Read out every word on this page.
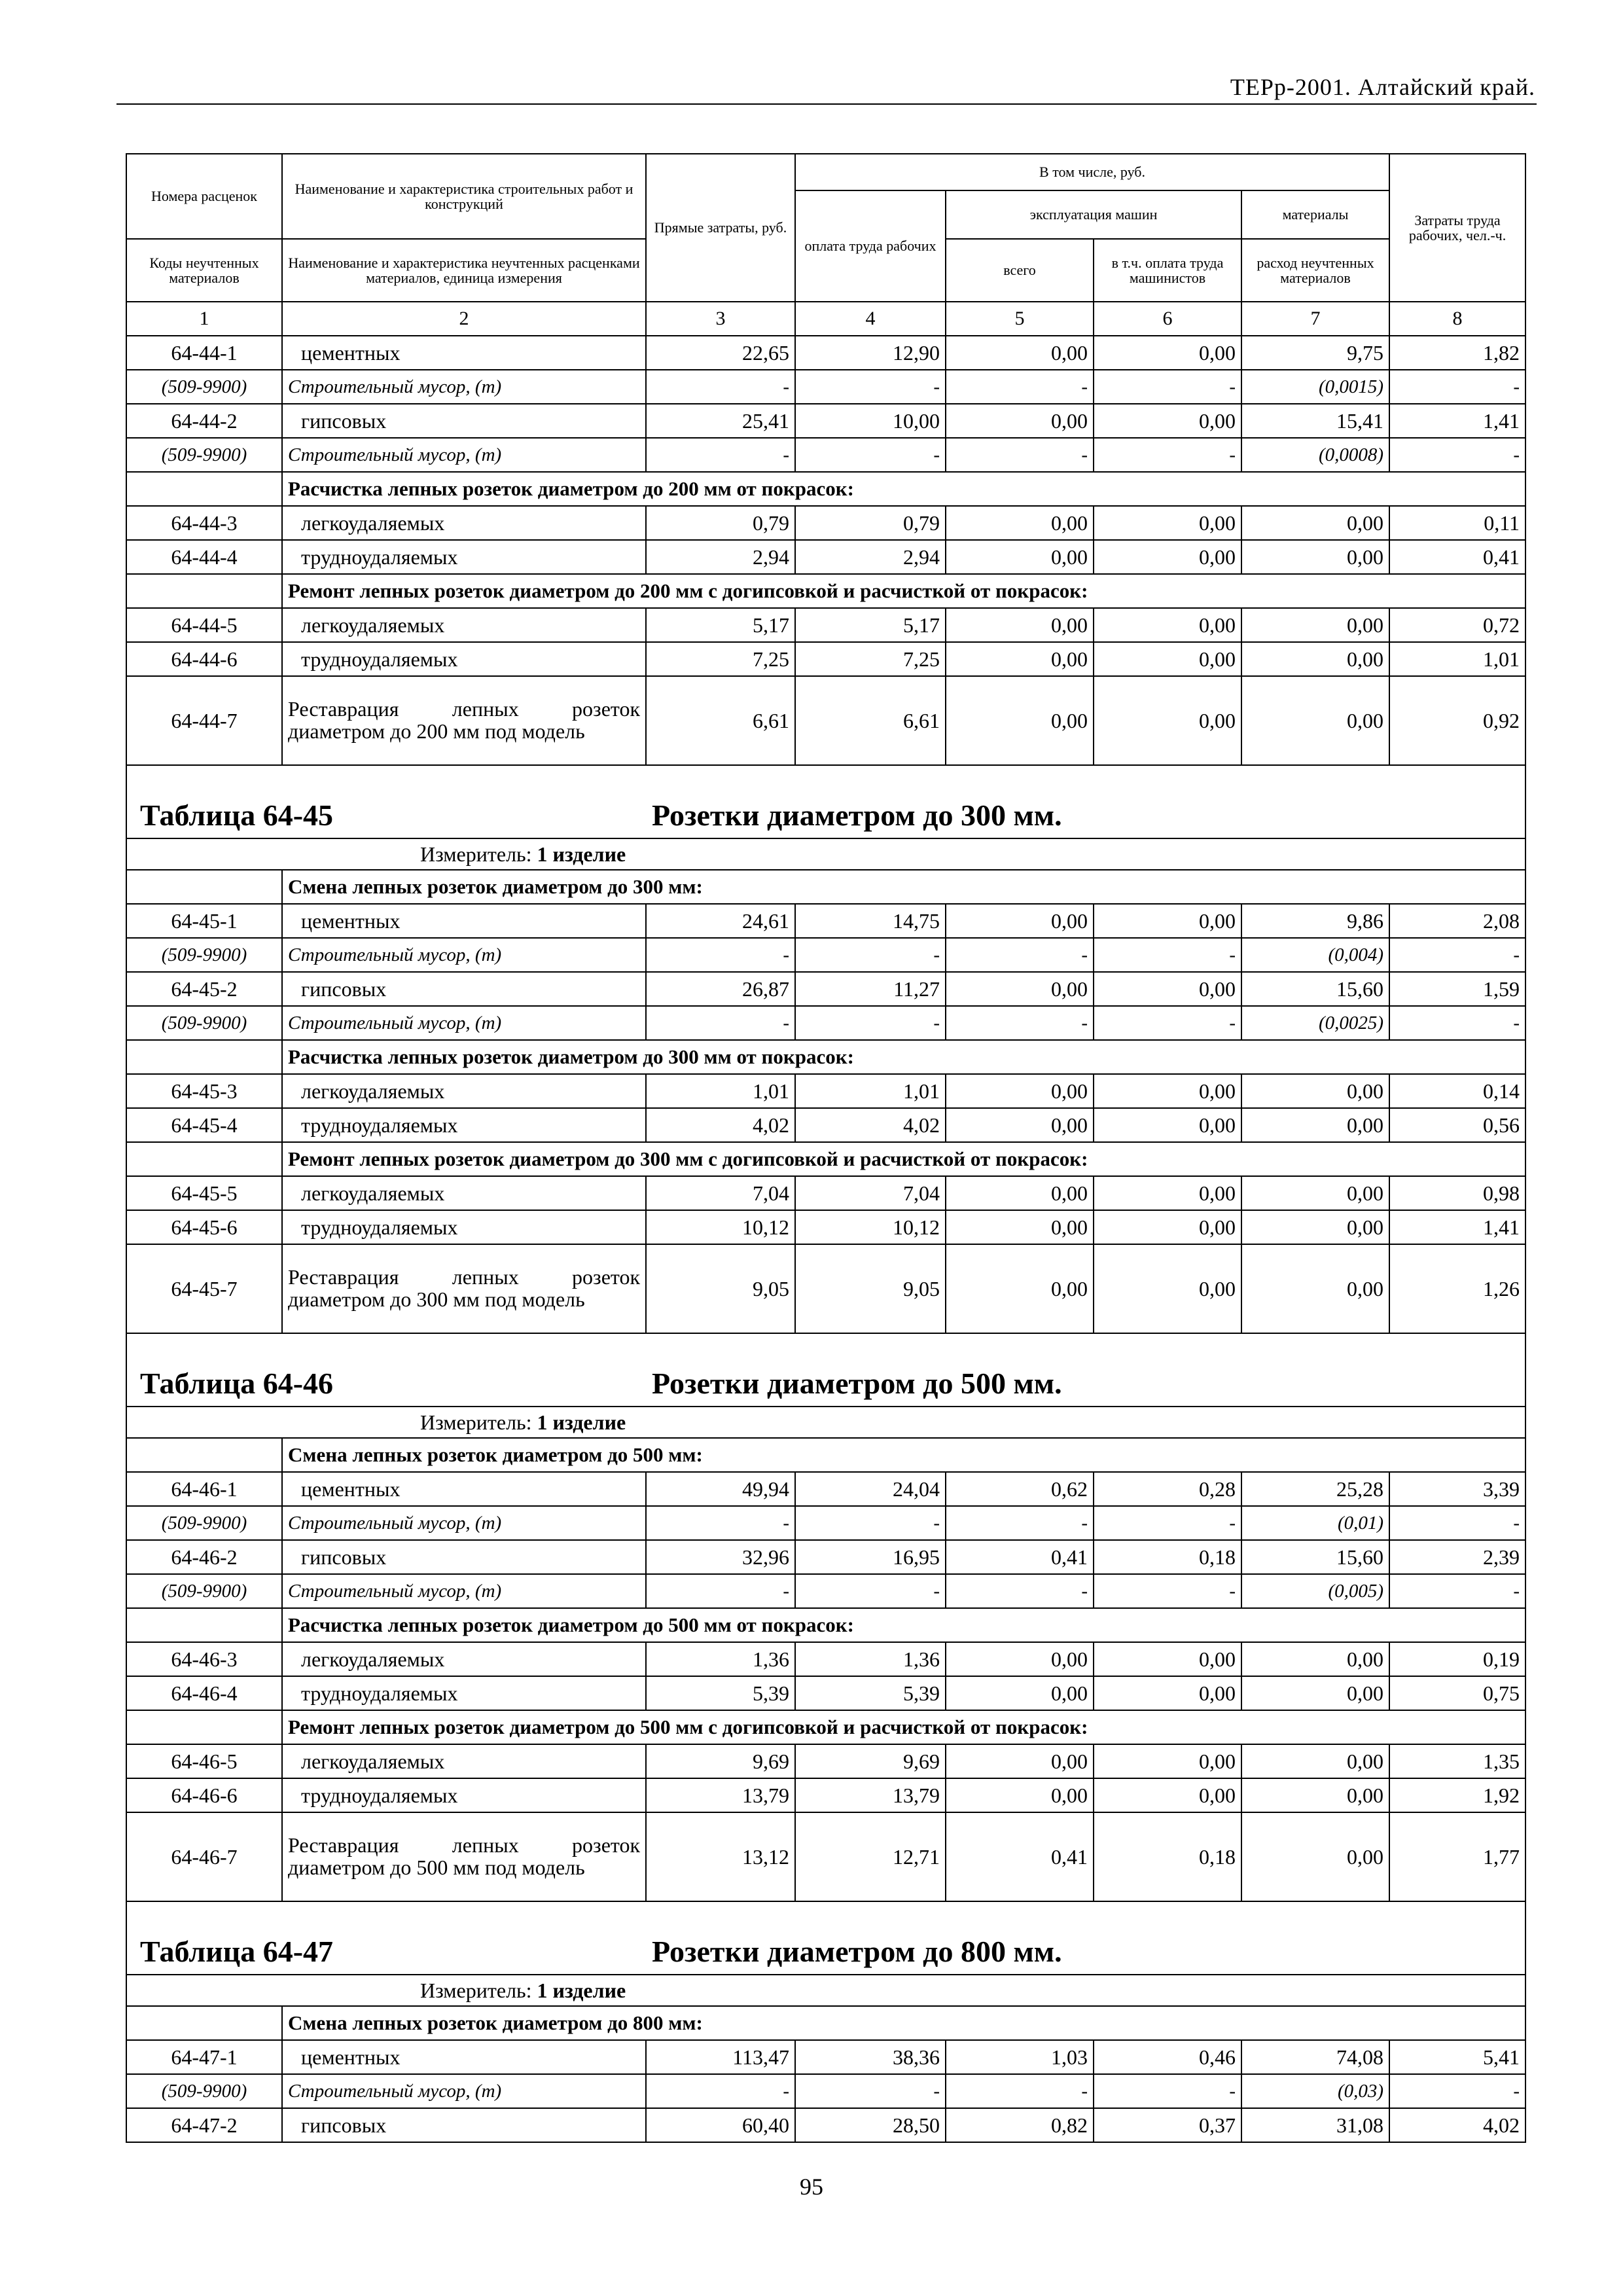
ТЕРр-2001. Алтайский край.
Номера расценок	Наименование и характеристика строительных работ и конструкций	Прямые затраты, руб.	В том числе, руб.				Затраты труда рабочих, чел.-ч.
			оплата труда рабочих	эксплуатация машин		материалы	
Коды неучтенных материалов	Наименование и характеристика неучтенных расценками материалов, единица измерения			всего	в т.ч. оплата труда машинистов	расход неучтенных материалов	
1	2	3	4	5	6	7	8
64-44-1	цементных	22,65	12,90	0,00	0,00	9,75	1,82
(509-9900)	Строительный мусор, (т)	-	-	-	-	(0,0015)	-
64-44-2	гипсовых	25,41	10,00	0,00	0,00	15,41	1,41
(509-9900)	Строительный мусор, (т)	-	-	-	-	(0,0008)	-
	Расчистка лепных розеток диаметром до 200 мм от покрасок:						
64-44-3	легкоудаляемых	0,79	0,79	0,00	0,00	0,00	0,11
64-44-4	трудноудаляемых	2,94	2,94	0,00	0,00	0,00	0,41
	Ремонт лепных розеток диаметром до 200 мм с догипсовкой и расчисткой от покрасок:						
64-44-5	легкоудаляемых	5,17	5,17	0,00	0,00	0,00	0,72
64-44-6	трудноудаляемых	7,25	7,25	0,00	0,00	0,00	1,01
64-44-7	Реставрация лепных розеток диаметром до 200 мм под модель	6,61	6,61	0,00	0,00	0,00	0,92

Таблица 64-45 Розетки диаметром до 300 мм.							

Измеритель: 1 изделие							
	Смена лепных розеток диаметром до 300 мм:						
64-45-1	цементных	24,61	14,75	0,00	0,00	9,86	2,08
(509-9900)	Строительный мусор, (т)	-	-	-	-	(0,004)	-
64-45-2	гипсовых	26,87	11,27	0,00	0,00	15,60	1,59
(509-9900)	Строительный мусор, (т)	-	-	-	-	(0,0025)	-
	Расчистка лепных розеток диаметром до 300 мм от покрасок:						
64-45-3	легкоудаляемых	1,01	1,01	0,00	0,00	0,00	0,14
64-45-4	трудноудаляемых	4,02	4,02	0,00	0,00	0,00	0,56
	Ремонт лепных розеток диаметром до 300 мм с догипсовкой и расчисткой от покрасок:						
64-45-5	легкоудаляемых	7,04	7,04	0,00	0,00	0,00	0,98
64-45-6	трудноудаляемых	10,12	10,12	0,00	0,00	0,00	1,41
64-45-7	Реставрация лепных розеток диаметром до 300 мм под модель	9,05	9,05	0,00	0,00	0,00	1,26

Таблица 64-46 Розетки диаметром до 500 мм.							

Измеритель: 1 изделие							
	Смена лепных розеток диаметром до 500 мм:						
64-46-1	цементных	49,94	24,04	0,62	0,28	25,28	3,39
(509-9900)	Строительный мусор, (т)	-	-	-	-	(0,01)	-
64-46-2	гипсовых	32,96	16,95	0,41	0,18	15,60	2,39
(509-9900)	Строительный мусор, (т)	-	-	-	-	(0,005)	-
	Расчистка лепных розеток диаметром до 500 мм от покрасок:						
64-46-3	легкоудаляемых	1,36	1,36	0,00	0,00	0,00	0,19
64-46-4	трудноудаляемых	5,39	5,39	0,00	0,00	0,00	0,75
	Ремонт лепных розеток диаметром до 500 мм с догипсовкой и расчисткой от покрасок:						
64-46-5	легкоудаляемых	9,69	9,69	0,00	0,00	0,00	1,35
64-46-6	трудноудаляемых	13,79	13,79	0,00	0,00	0,00	1,92
64-46-7	Реставрация лепных розеток диаметром до 500 мм под модель	13,12	12,71	0,41	0,18	0,00	1,77

Таблица 64-47 Розетки диаметром до 800 мм.							

Измеритель: 1 изделие							
	Смена лепных розеток диаметром до 800 мм:						
64-47-1	цементных	113,47	38,36	1,03	0,46	74,08	5,41
(509-9900)	Строительный мусор, (т)	-	-	-	-	(0,03)	-
64-47-2	гипсовых	60,40	28,50	0,82	0,37	31,08	4,02
95
